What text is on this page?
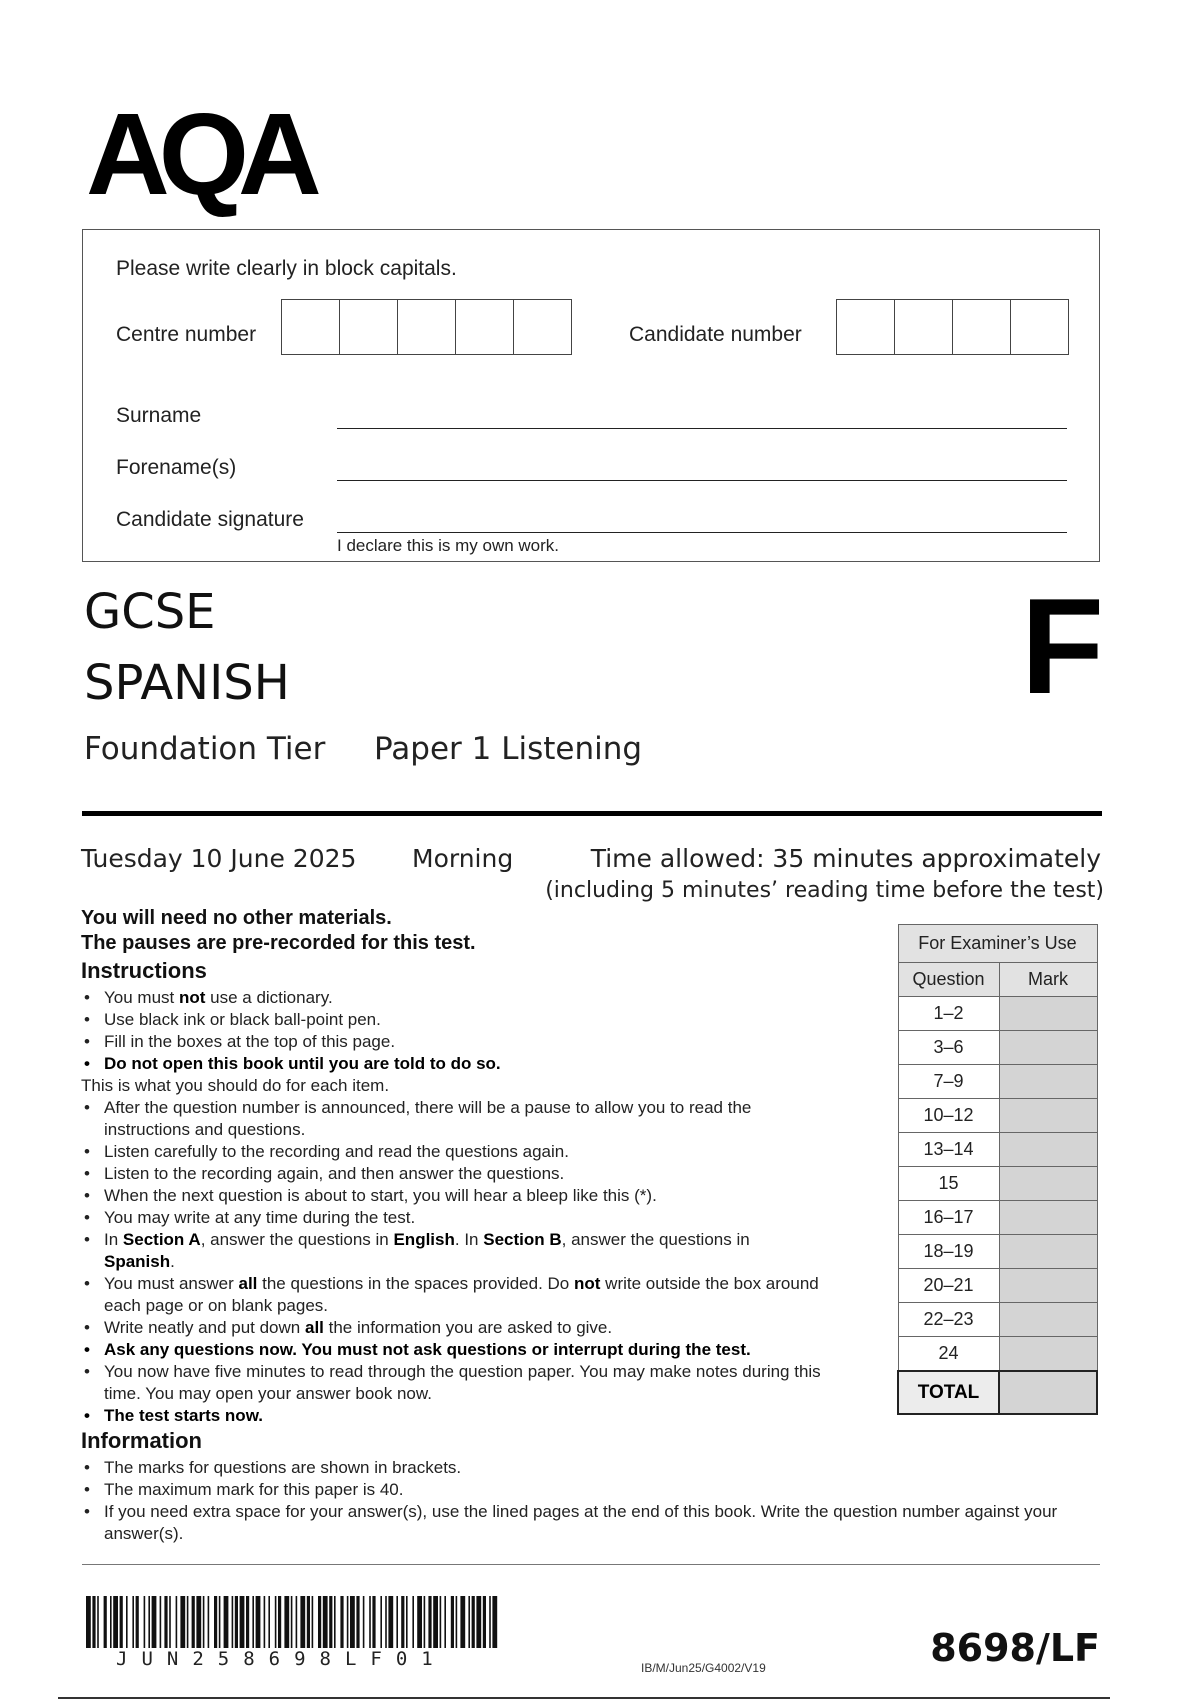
AQA
Please write clearly in block capitals.
Centre number	Candidate number
Surname
Forename(s)
Candidate signature
I declare this is my own work.
GCSE
SPANISH	F
Foundation Tier Paper 1 Listening
Tuesday 10 June 2025 Morning	Time allowed: 35 minutes approximately
(including 5 minutes’ reading time before the test)
You will need no other materials.
The pauses are pre-recorded for this test.
Instructions
• You must not use a dictionary.
• Use black ink or black ball-point pen.
• Fill in the boxes at the top of this page.
• Do not open this book until you are told to do so.
This is what you should do for each item.
• After the question number is announced, there will be a pause to allow you to read the instructions and questions.
• Listen carefully to the recording and read the questions again.
• Listen to the recording again, and then answer the questions.
• When the next question is about to start, you will hear a bleep like this (*).
• You may write at any time during the test.
• In Section A, answer the questions in English. In Section B, answer the questions in Spanish.
• You must answer all the questions in the spaces provided. Do not write outside the box around each page or on blank pages.
• Write neatly and put down all the information you are asked to give.
• Ask any questions now. You must not ask questions or interrupt during the test.
• You now have five minutes to read through the question paper. You may make notes during this time. You may open your answer book now.
• The test starts now.
Information
• The marks for questions are shown in brackets.
• The maximum mark for this paper is 40.
• If you need extra space for your answer(s), use the lined pages at the end of this book. Write the question number against your answer(s).
For Examiner’s Use	
Question	Mark
1–2	
3–6	
7–9	
10–12	
13–14	
15	
16–17	
18–19	
20–21	
22–23	
24	
TOTAL	
JUN258698LF01	IB/M/Jun25/G4002/V19	8698/LF
